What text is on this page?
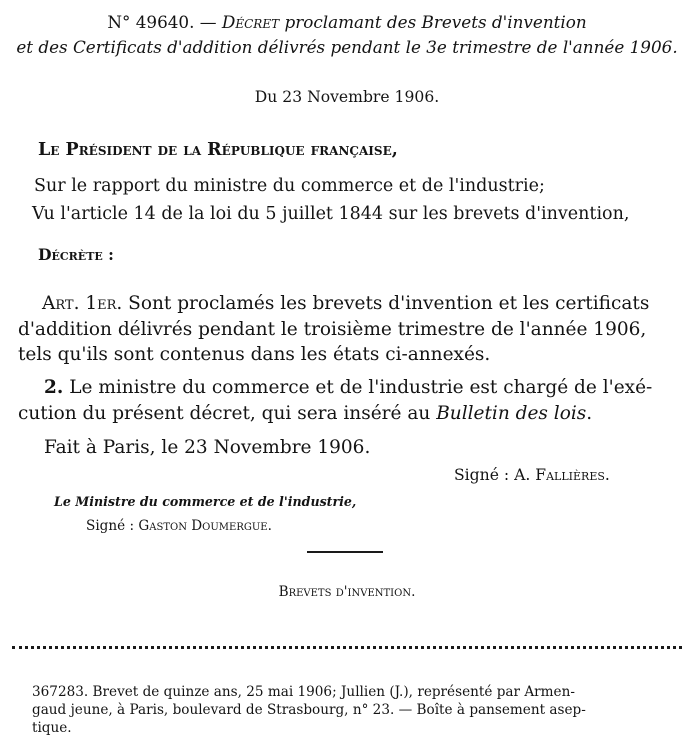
N° 49640. — Décret proclamant des Brevets d'invention
et des Certificats d'addition délivrés pendant le 3e trimestre de l'année 1906.
Du 23 Novembre 1906.
Le Président de la République française,
Sur le rapport du ministre du commerce et de l'industrie;
Vu l'article 14 de la loi du 5 juillet 1844 sur les brevets d'invention,
Décrète :
Art. 1er. Sont proclamés les brevets d'invention et les certificats
d'addition délivrés pendant le troisième trimestre de l'année 1906,
tels qu'ils sont contenus dans les états ci-annexés.
2. Le ministre du commerce et de l'industrie est chargé de l'exé-
cution du présent décret, qui sera inséré au Bulletin des lois.
Fait à Paris, le 23 Novembre 1906.
Signé : A. Fallières.
Le Ministre du commerce et de l'industrie,
Signé : Gaston Doumergue.
Brevets d'invention.
367283. Brevet de quinze ans, 25 mai 1906; Jullien (J.), représenté par Armen-
gaud jeune, à Paris, boulevard de Strasbourg, n° 23. — Boîte à pansement asep-
tique.
